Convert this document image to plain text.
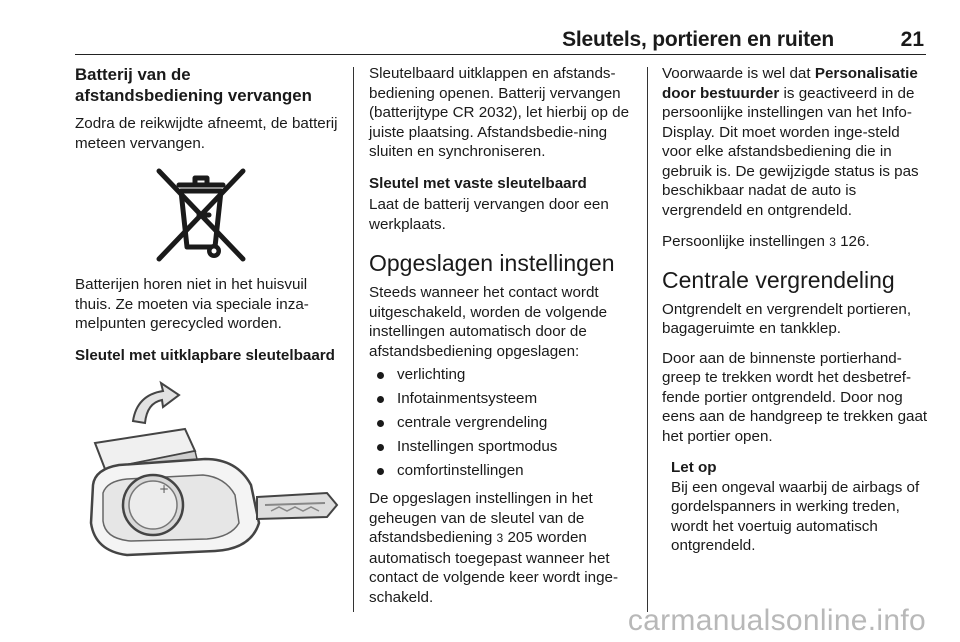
Sleutels, portieren en ruiten	21
Batterij van de afstandsbediening vervangen

Zodra de reikwijdte afneemt, de batterij meteen vervangen.

Batterijen horen niet in het huisvuil thuis. Ze moeten via speciale inza-melpunten gerecycled worden.

Sleutel met uitklapbare sleutelbaard
+

Sleutelbaard uitklappen en afstands-bediening openen. Batterij vervangen (batterijtype CR 2032), let hierbij op de juiste plaatsing. Afstandsbedie-ning sluiten en synchroniseren.

Sleutel met vaste sleutelbaard

Laat de batterij vervangen door een werkplaats.

Opgeslagen instellingen

Steeds wanneer het contact wordt uitgeschakeld, worden de volgende instellingen automatisch door de afstandsbediening opgeslagen:

verlichting
Infotainmentsysteem
centrale vergrendeling
Instellingen sportmodus
comfortinstellingen

De opgeslagen instellingen in het geheugen van de sleutel van de afstandsbediening 3 205 worden automatisch toegepast wanneer het contact de volgende keer wordt inge-schakeld.

Voorwaarde is wel dat Personalisatie door bestuurder is geactiveerd in de persoonlijke instellingen van het Info-Display. Dit moet worden inge-steld voor elke afstandsbediening die in gebruik is. De gewijzigde status is pas beschikbaar nadat de auto is vergrendeld en ontgrendeld.

Persoonlijke instellingen 3 126.

Centrale vergrendeling

Ontgrendelt en vergrendelt portieren, bagageruimte en tankklep.

Door aan de binnenste portierhand-greep te trekken wordt het desbetref-fende portier ontgrendeld. Door nog eens aan de handgreep te trekken gaat het portier open.

Let op
Bij een ongeval waarbij de airbags of gordelspanners in werking treden, wordt het voertuig automatisch ontgrendeld.
carmanualsonline.info
